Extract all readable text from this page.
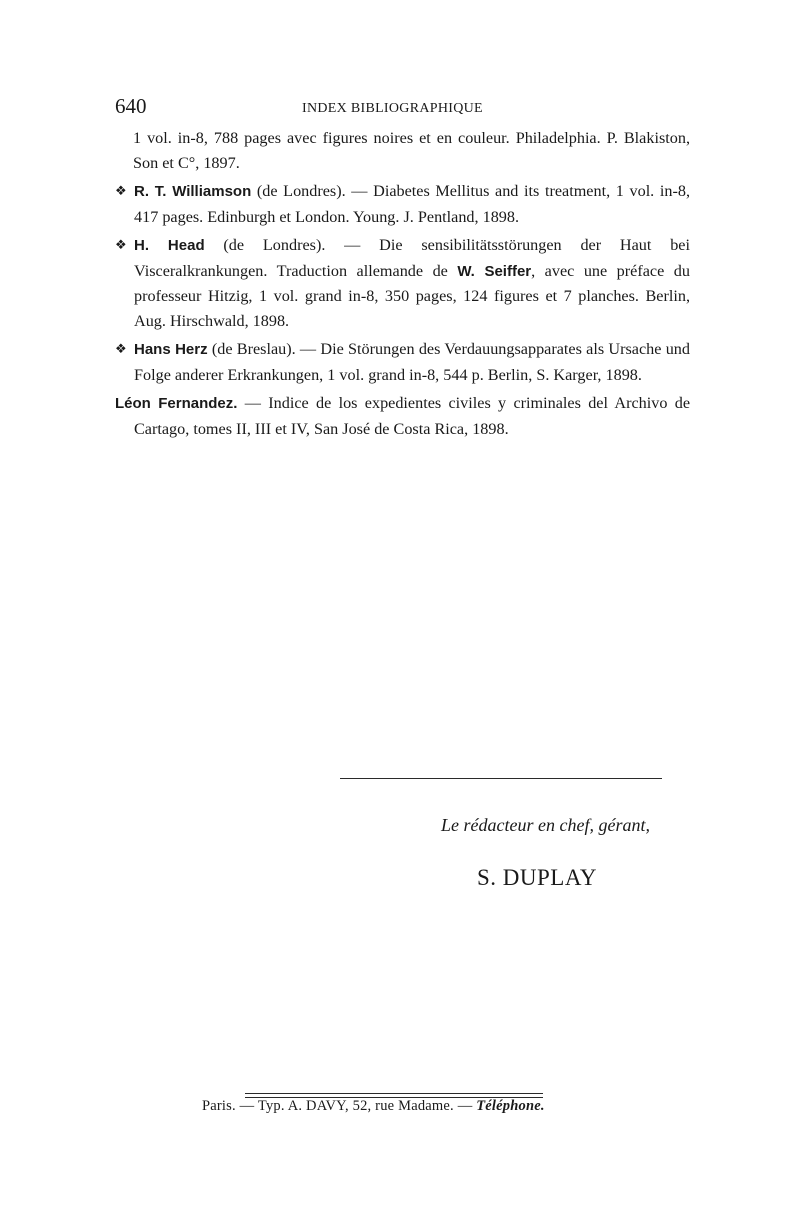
640	INDEX BIBLIOGRAPHIQUE

1 vol. in-8, 788 pages avec figures noires et en couleur. Philadelphia. P. Blakiston, Son et C°, 1897.

❖ R. T. Williamson (de Londres). — Diabetes Mellitus and its treatment, 1 vol. in-8, 417 pages. Edinburgh et London. Young. J. Pentland, 1898.

❖ H. Head (de Londres). — Die sensibilitätsstörungen der Haut bei Visceralkrankungen. Traduction allemande de W. Seiffer, avec une préface du professeur Hitzig, 1 vol. grand in-8, 350 pages, 124 figures et 7 planches. Berlin, Aug. Hirschwald, 1898.

❖ Hans Herz (de Breslau). — Die Störungen des Verdauungsapparates als Ursache und Folge anderer Erkrankungen, 1 vol. grand in-8, 544 p. Berlin, S. Karger, 1898.

Léon Fernandez. — Indice de los expedientes civiles y criminales del Archivo de Cartago, tomes II, III et IV, San José de Costa Rica, 1898.

Le rédacteur en chef, gérant,
S. DUPLAY
Paris. — Typ. A. DAVY, 52, rue Madame. — Téléphone.
